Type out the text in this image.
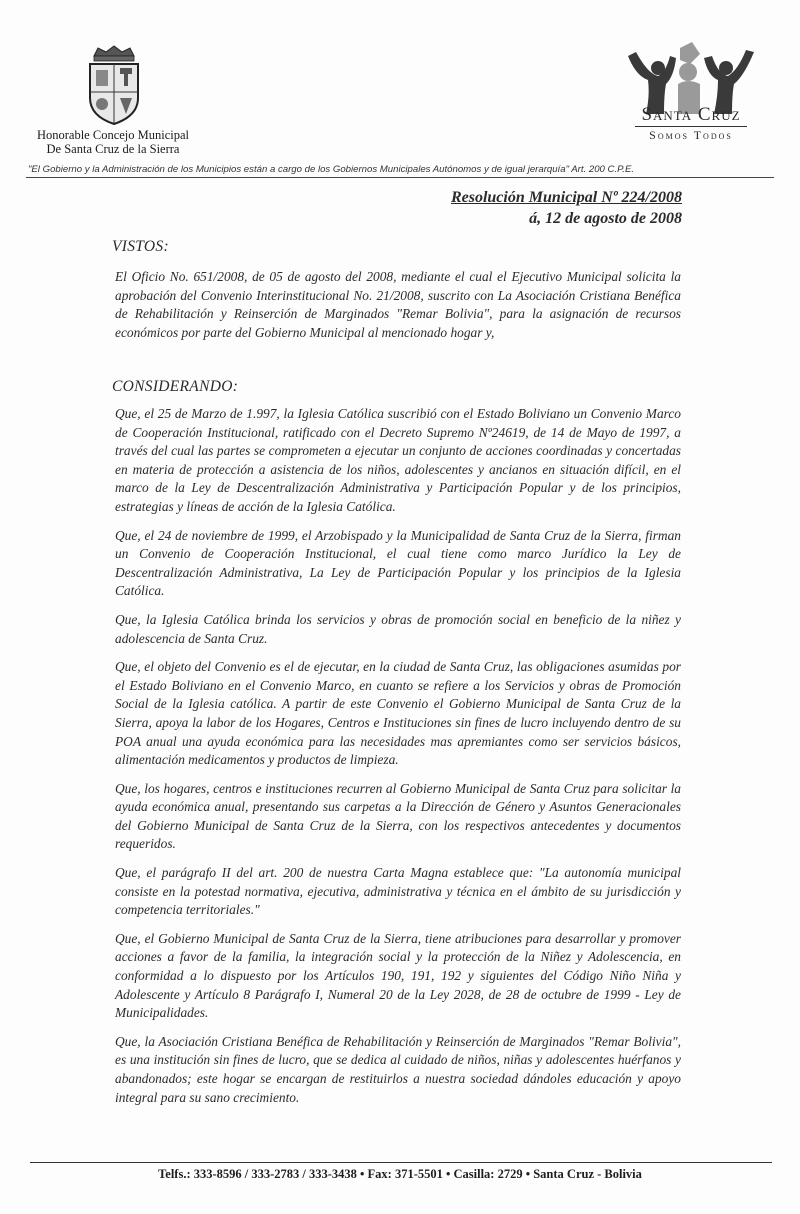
Honorable Concejo Municipal
De Santa Cruz de la Sierra
Santa Cruz
Somos Todos
"El Gobierno y la Administración de los Municipios están a cargo de los Gobiernos Municipales Autónomos y de igual jerarquía" Art. 200 C.P.E.
Resolución Municipal Nº 224/2008
á, 12 de agosto de 2008
VISTOS:

El Oficio No. 651/2008, de 05 de agosto del 2008, mediante el cual el Ejecutivo Municipal solicita la aprobación del Convenio Interinstitucional No. 21/2008, suscrito con La Asociación Cristiana Benéfica de Rehabilitación y Reinserción de Marginados "Remar Bolivia", para la asignación de recursos económicos por parte del Gobierno Municipal al mencionado hogar y,

CONSIDERANDO:

Que, el 25 de Marzo de 1.997, la Iglesia Católica suscribió con el Estado Boliviano un Convenio Marco de Cooperación Institucional, ratificado con el Decreto Supremo Nº24619, de 14 de Mayo de 1997, a través del cual las partes se comprometen a ejecutar un conjunto de acciones coordinadas y concertadas en materia de protección a asistencia de los niños, adolescentes y ancianos en situación difícil, en el marco de la Ley de Descentralización Administrativa y Participación Popular y de los principios, estrategias y líneas de acción de la Iglesia Católica.

Que, el 24 de noviembre de 1999, el Arzobispado y la Municipalidad de Santa Cruz de la Sierra, firman un Convenio de Cooperación Institucional, el cual tiene como marco Jurídico la Ley de Descentralización Administrativa, La Ley de Participación Popular y los principios de la Iglesia Católica.

Que, la Iglesia Católica brinda los servicios y obras de promoción social en beneficio de la niñez y adolescencia de Santa Cruz.

Que, el objeto del Convenio es el de ejecutar, en la ciudad de Santa Cruz, las obligaciones asumidas por el Estado Boliviano en el Convenio Marco, en cuanto se refiere a los Servicios y obras de Promoción Social de la Iglesia católica. A partir de este Convenio el Gobierno Municipal de Santa Cruz de la Sierra, apoya la labor de los Hogares, Centros e Instituciones sin fines de lucro incluyendo dentro de su POA anual una ayuda económica para las necesidades mas apremiantes como ser servicios básicos, alimentación medicamentos y productos de limpieza.

Que, los hogares, centros e instituciones recurren al Gobierno Municipal de Santa Cruz para solicitar la ayuda económica anual, presentando sus carpetas a la Dirección de Género y Asuntos Generacionales del Gobierno Municipal de Santa Cruz de la Sierra, con los respectivos antecedentes y documentos requeridos.

Que, el parágrafo II del art. 200 de nuestra Carta Magna establece que: "La autonomía municipal consiste en la potestad normativa, ejecutiva, administrativa y técnica en el ámbito de su jurisdicción y competencia territoriales."

Que, el Gobierno Municipal de Santa Cruz de la Sierra, tiene atribuciones para desarrollar y promover acciones a favor de la familia, la integración social y la protección de la Niñez y Adolescencia, en conformidad a lo dispuesto por los Artículos 190, 191, 192 y siguientes del Código Niño Niña y Adolescente y Artículo 8 Parágrafo I, Numeral 20 de la Ley 2028, de 28 de octubre de 1999 - Ley de Municipalidades.

Que, la Asociación Cristiana Benéfica de Rehabilitación y Reinserción de Marginados "Remar Bolivia", es una institución sin fines de lucro, que se dedica al cuidado de niños, niñas y adolescentes huérfanos y abandonados; este hogar se encargan de restituirlos a nuestra sociedad dándoles educación y apoyo integral para su sano crecimiento.

Telfs.: 333-8596 / 333-2783 / 333-3438 • Fax: 371-5501 • Casilla: 2729 • Santa Cruz - Bolivia
